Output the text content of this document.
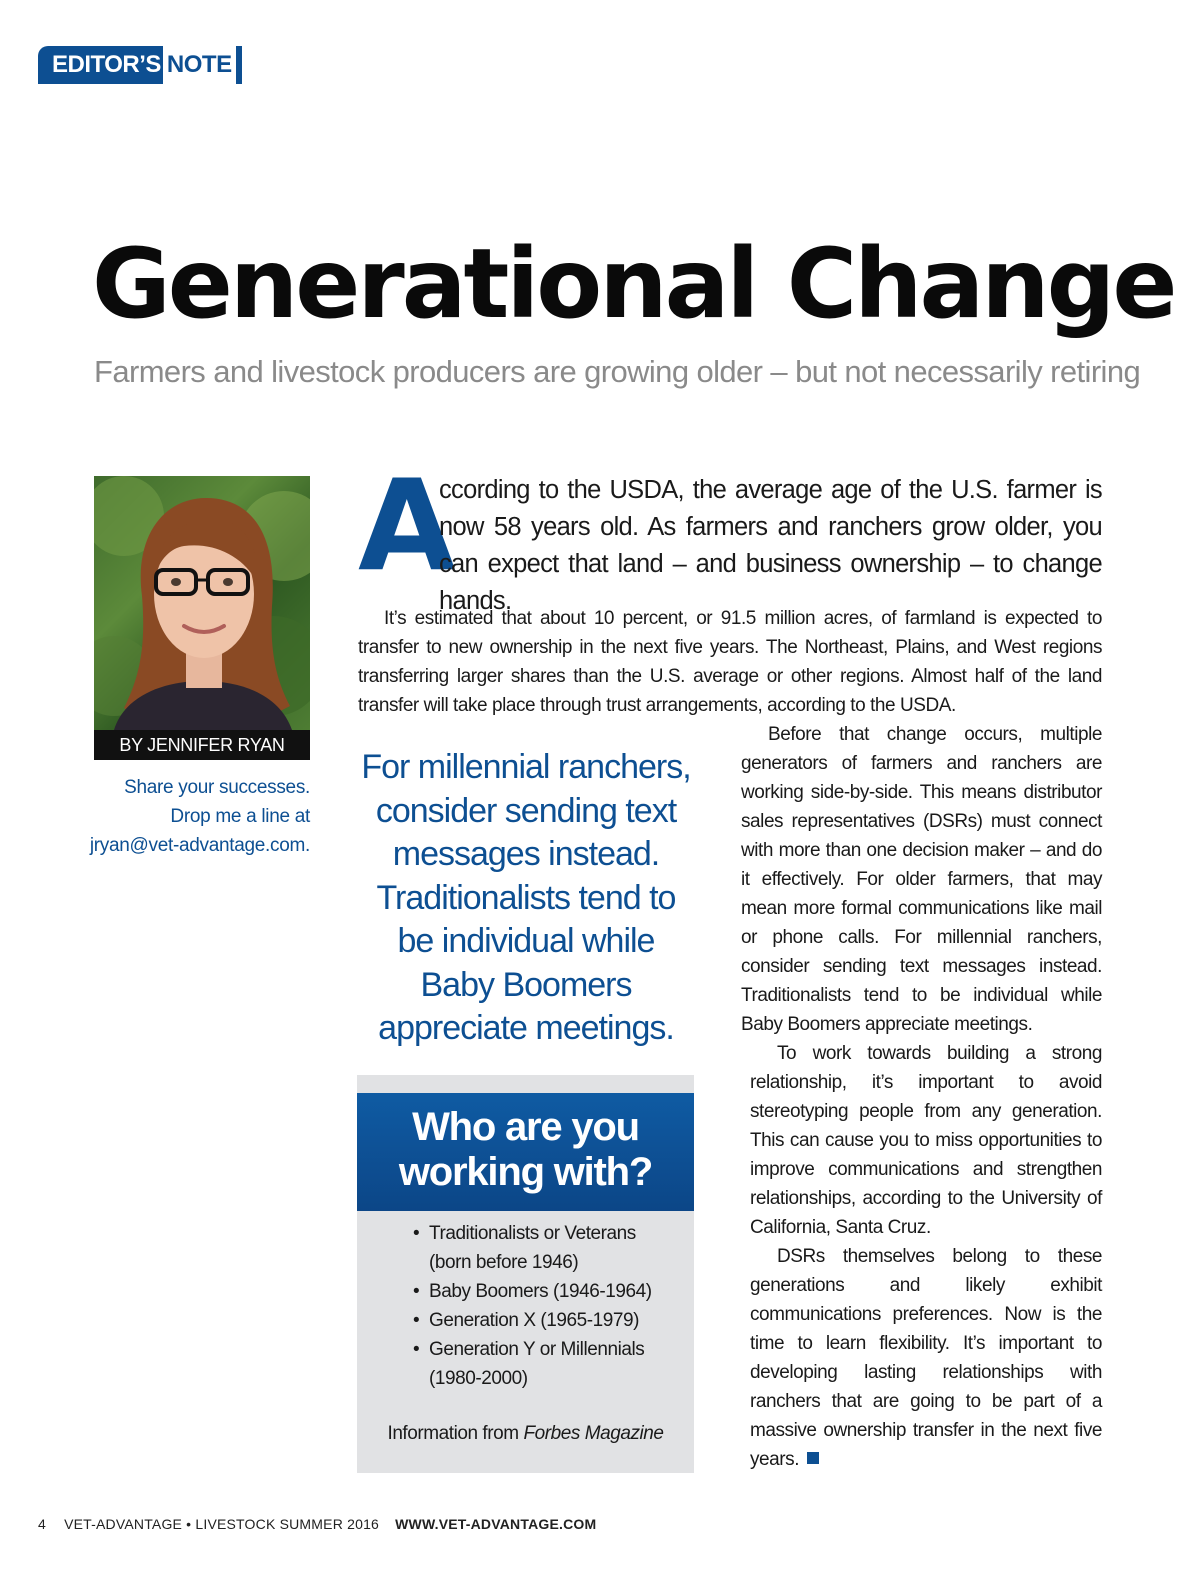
EDITOR’S NOTE
Generational Change

Farmers and livestock producers are growing older – but not necessarily retiring

BY JENNIFER RYAN
Share your successes.
Drop me a line at
jryan@vet-advantage.com.
A
ccording to the USDA, the average age of the U.S. farmer is now 58 years old. As farmers and ranchers grow older, you can expect that land – and business ownership – to change hands.
It’s estimated that about 10 percent, or 91.5 million acres, of farmland is expected to transfer to new ownership in the next five years. The Northeast, Plains, and West regions transferring larger shares than the U.S. average or other regions. Almost half of the land transfer will take place through trust arrangements, according to the USDA.
For millennial ranchers,
consider sending text
messages instead.
Traditionalists tend to
be individual while
Baby Boomers
appreciate meetings.

Before that change occurs, multiple generators of farmers and ranchers are working side-by-side. This means distributor sales representatives (DSRs) must connect with more than one decision maker – and do it effectively. For older farmers, that may mean more formal communications like mail or phone calls. For millennial ranchers, consider sending text messages instead. Traditionalists tend to be individual while Baby Boomers appreciate meetings.

To work towards building a strong relationship, it’s important to avoid stereotyping people from any generation. This can cause you to miss opportunities to improve communications and strengthen relationships, according to the University of California, Santa Cruz.

DSRs themselves belong to these generations and likely exhibit communications preferences. Now is the time to learn flexibility. It’s important to developing lasting relationships with ranchers that are going to be part of a massive ownership transfer in the next five years.

Who are you
working with?
• Traditionalists or Veterans
(born before 1946)
• Baby Boomers (1946-1964)
• Generation X (1965-1979)
• Generation Y or Millennials
(1980-2000)
Information from Forbes Magazine
4 VET-ADVANTAGE • LIVESTOCK SUMMER 2016 WWW.VET-ADVANTAGE.COM
